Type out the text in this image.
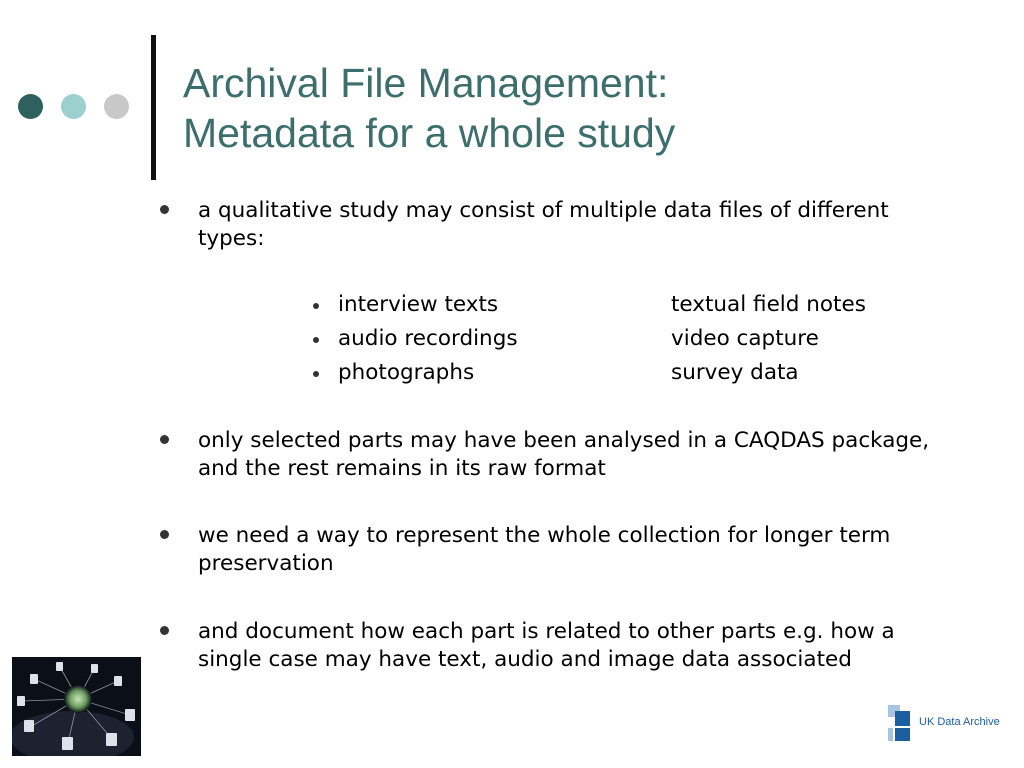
Archival File Management:
Metadata for a whole study
a qualitative study may consist of multiple data files of different types:
interview texts
audio recordings
photographs
textual field notes
video capture
survey data
only selected parts may have been analysed in a CAQDAS package, and the rest remains in its raw format
we need a way to represent the whole collection for longer term preservation
and document how each part is related to other parts e.g. how a single case may have text, audio and image data associated
UK Data Archive
